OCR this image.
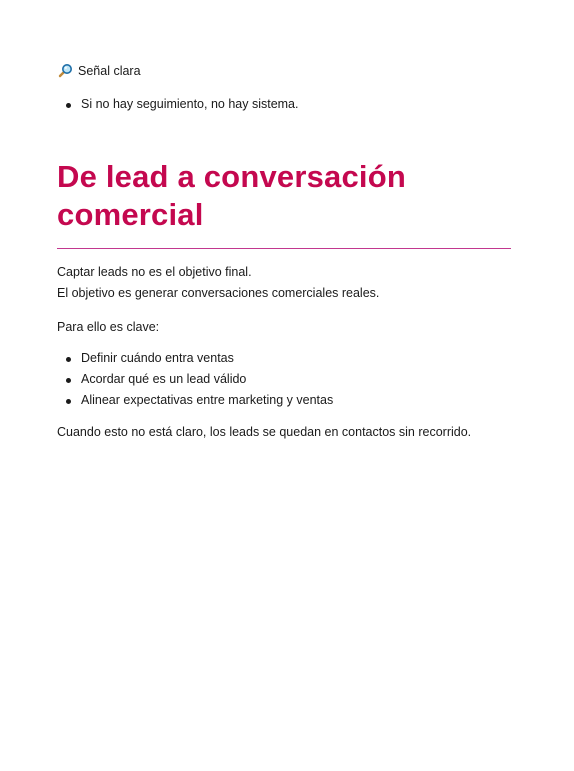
Señal clara
Si no hay seguimiento, no hay sistema.
De lead a conversación comercial

Captar leads no es el objetivo final.
El objetivo es generar conversaciones comerciales reales.

Para ello es clave:

Definir cuándo entra ventas
Acordar qué es un lead válido
Alinear expectativas entre marketing y ventas

Cuando esto no está claro, los leads se quedan en contactos sin recorrido.
